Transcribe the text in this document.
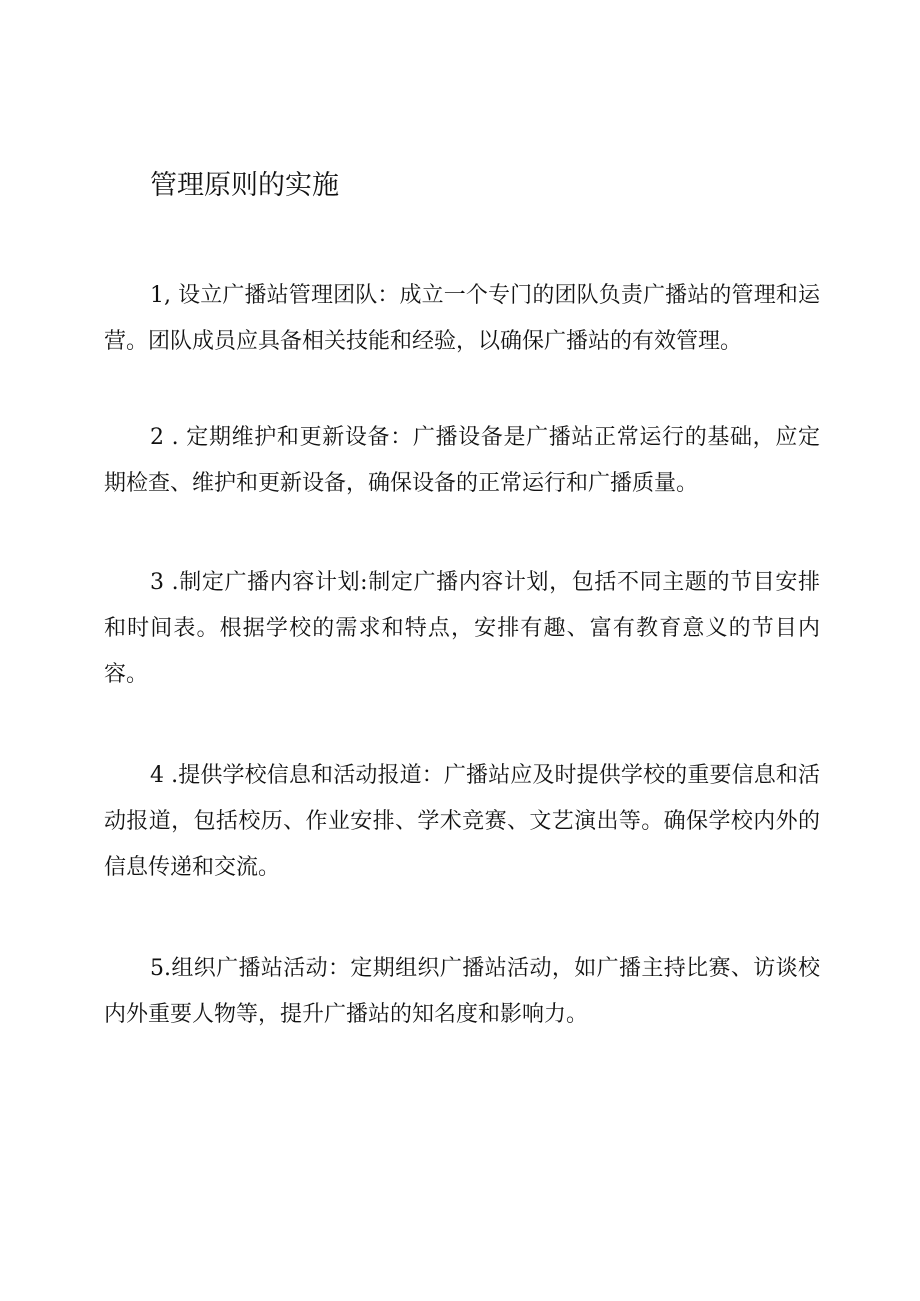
管理原则的实施

1, 设立广播站管理团队：成立一个专门的团队负责广播站的管理和运营。团队成员应具备相关技能和经验，以确保广播站的有效管理。

2 . 定期维护和更新设备：广播设备是广播站正常运行的基础，应定期检查、维护和更新设备，确保设备的正常运行和广播质量。

3 .制定广播内容计划:制定广播内容计划，包括不同主题的节目安排和时间表。根据学校的需求和特点，安排有趣、富有教育意义的节目内容。

4 .提供学校信息和活动报道：广播站应及时提供学校的重要信息和活动报道，包括校历、作业安排、学术竞赛、文艺演出等。确保学校内外的信息传递和交流。

5.组织广播站活动：定期组织广播站活动，如广播主持比赛、访谈校内外重要人物等，提升广播站的知名度和影响力。
